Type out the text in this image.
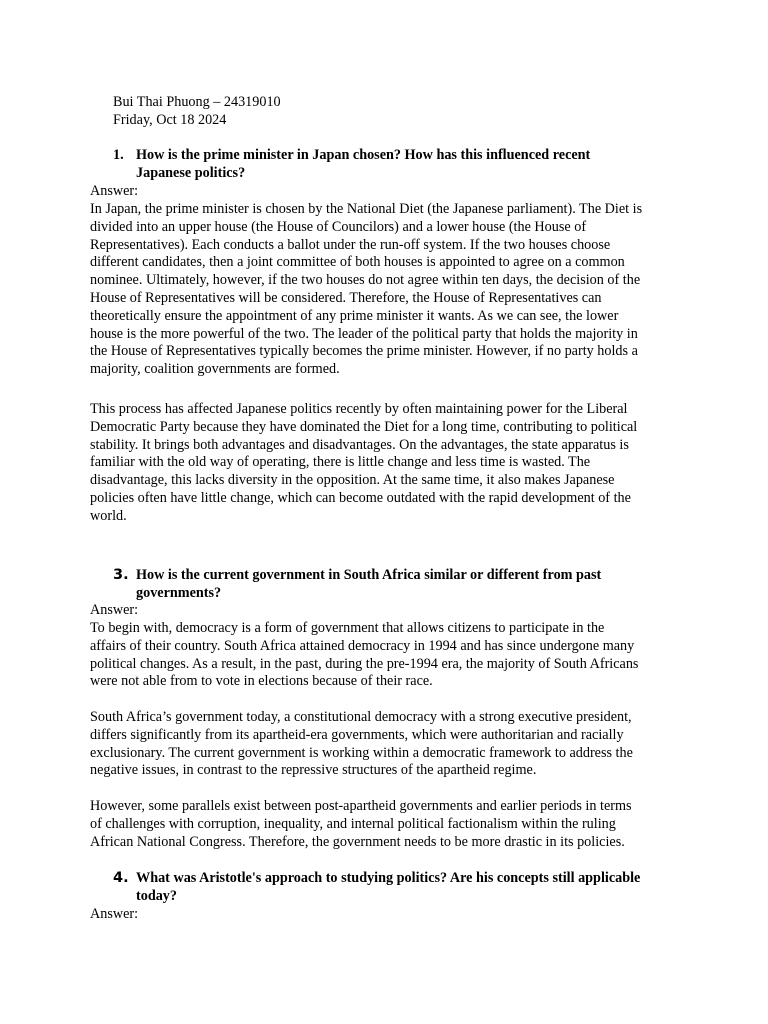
Bui Thai Phuong – 24319010
Friday, Oct 18 2024
1. How is the prime minister in Japan chosen? How has this influenced recent
Japanese politics?
Answer:
In Japan, the prime minister is chosen by the National Diet (the Japanese parliament). The Diet is
divided into an upper house (the House of Councilors) and a lower house (the House of
Representatives). Each conducts a ballot under the run-off system. If the two houses choose
different candidates, then a joint committee of both houses is appointed to agree on a common
nominee. Ultimately, however, if the two houses do not agree within ten days, the decision of the
House of Representatives will be considered. Therefore, the House of Representatives can
theoretically ensure the appointment of any prime minister it wants. As we can see, the lower
house is the more powerful of the two. The leader of the political party that holds the majority in
the House of Representatives typically becomes the prime minister. However, if no party holds a
majority, coalition governments are formed.
This process has affected Japanese politics recently by often maintaining power for the Liberal
Democratic Party because they have dominated the Diet for a long time, contributing to political
stability. It brings both advantages and disadvantages. On the advantages, the state apparatus is
familiar with the old way of operating, there is little change and less time is wasted. The
disadvantage, this lacks diversity in the opposition. At the same time, it also makes Japanese
policies often have little change, which can become outdated with the rapid development of the
world.
3. How is the current government in South Africa similar or different from past
governments?
Answer:
To begin with, democracy is a form of government that allows citizens to participate in the
affairs of their country. South Africa attained democracy in 1994 and has since undergone many
political changes. As a result, in the past, during the pre-1994 era, the majority of South Africans
were not able from to vote in elections because of their race.
South Africa’s government today, a constitutional democracy with a strong executive president,
differs significantly from its apartheid-era governments, which were authoritarian and racially
exclusionary. The current government is working within a democratic framework to address the
negative issues, in contrast to the repressive structures of the apartheid regime.
However, some parallels exist between post-apartheid governments and earlier periods in terms
of challenges with corruption, inequality, and internal political factionalism within the ruling
African National Congress. Therefore, the government needs to be more drastic in its policies.
4. What was Aristotle's approach to studying politics? Are his concepts still applicable
today?
Answer:
